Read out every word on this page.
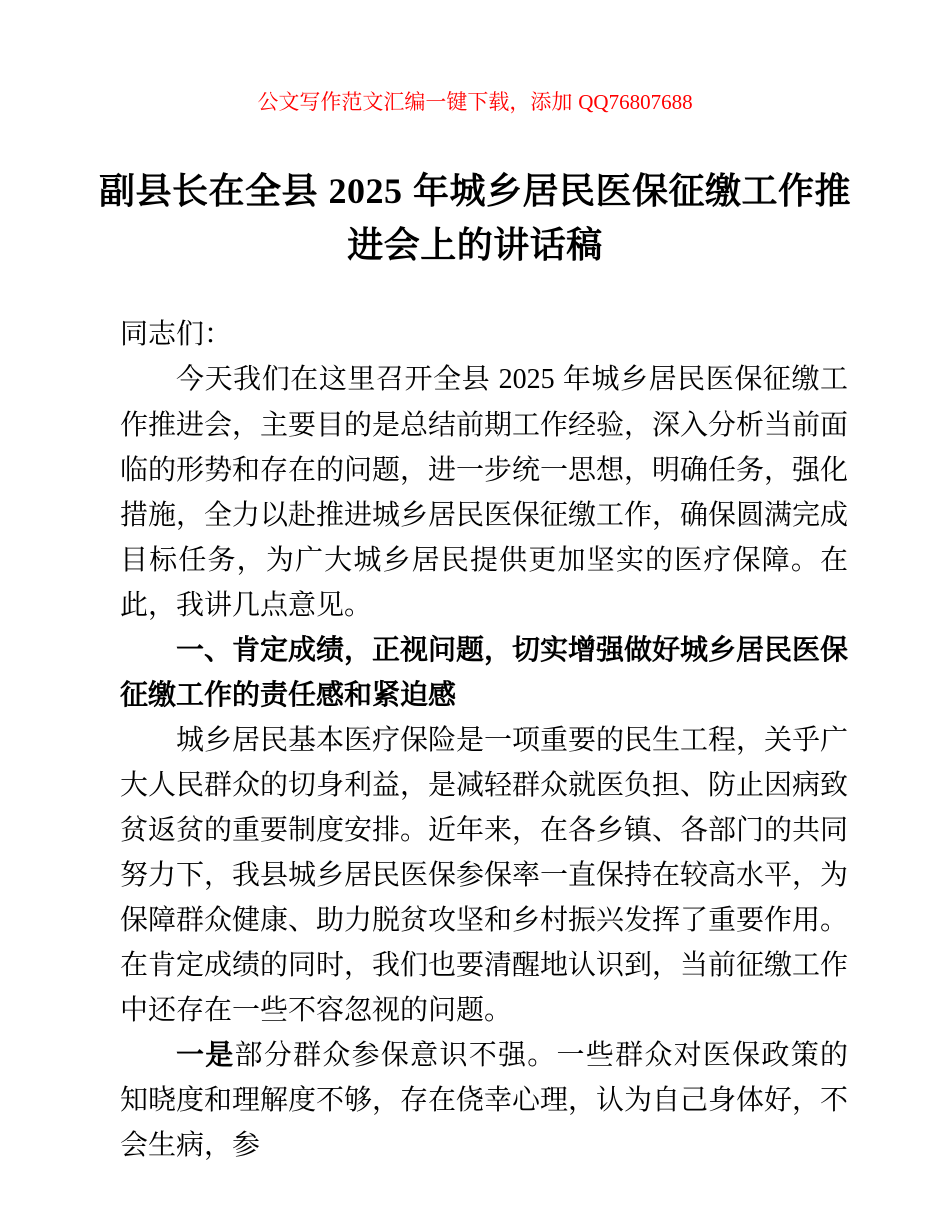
公文写作范文汇编一键下载，添加 QQ76807688
副县长在全县 2025 年城乡居民医保征缴工作推进会上的讲话稿

同志们：

今天我们在这里召开全县 2025 年城乡居民医保征缴工作推进会，主要目的是总结前期工作经验，深入分析当前面临的形势和存在的问题，进一步统一思想，明确任务，强化措施，全力以赴推进城乡居民医保征缴工作，确保圆满完成目标任务，为广大城乡居民提供更加坚实的医疗保障。在此，我讲几点意见。

一、肯定成绩，正视问题，切实增强做好城乡居民医保征缴工作的责任感和紧迫感

城乡居民基本医疗保险是一项重要的民生工程，关乎广大人民群众的切身利益，是减轻群众就医负担、防止因病致贫返贫的重要制度安排。近年来，在各乡镇、各部门的共同努力下，我县城乡居民医保参保率一直保持在较高水平，为保障群众健康、助力脱贫攻坚和乡村振兴发挥了重要作用。在肯定成绩的同时，我们也要清醒地认识到，当前征缴工作中还存在一些不容忽视的问题。

一是部分群众参保意识不强。一些群众对医保政策的知晓度和理解度不够，存在侥幸心理，认为自己身体好，不会生病，参
